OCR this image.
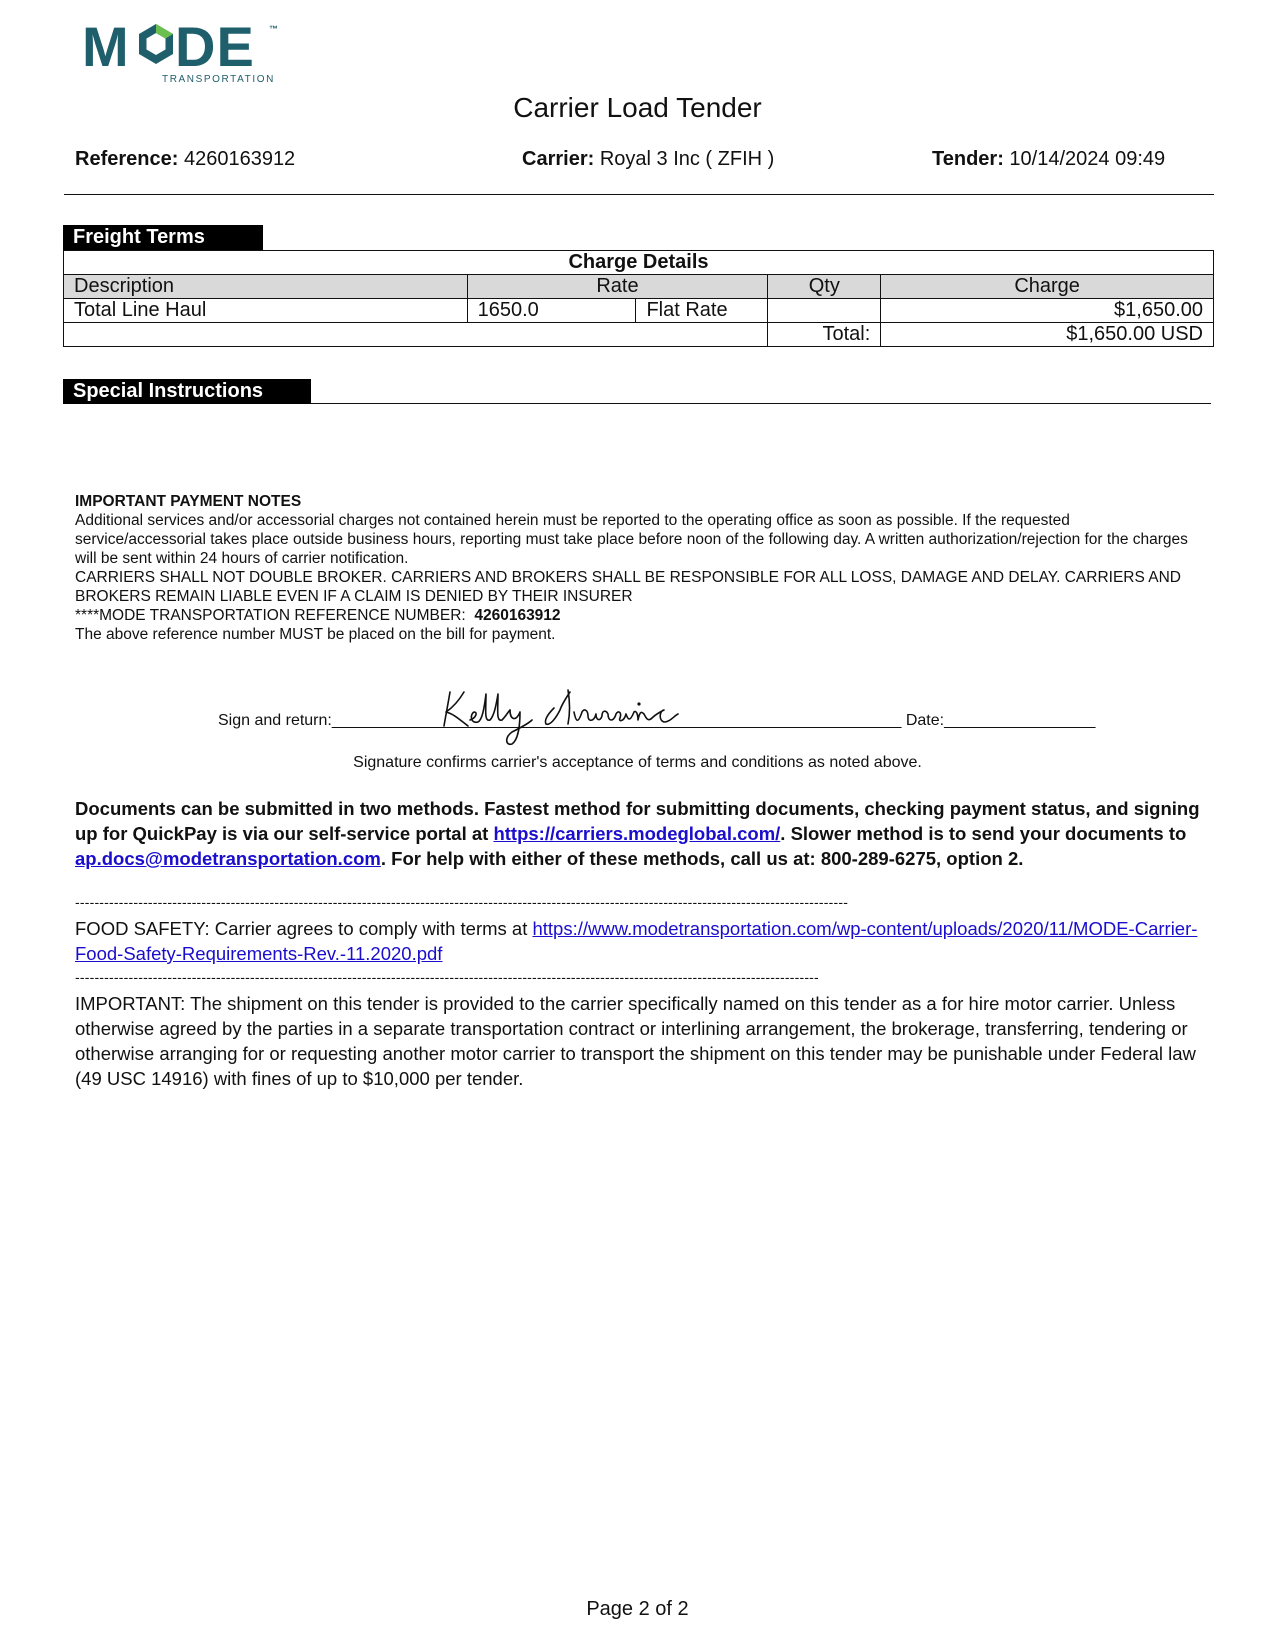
M DE ™
TRANSPORTATION
Carrier Load Tender
Reference: 4260163912	Carrier: Royal 3 Inc ( ZFIH )	Tender: 10/14/2024 09:49
Freight Terms
Charge Details				
Description	Rate		Qty	Charge
Total Line Haul	1650.0	Flat Rate		$1,650.00
			Total:	$1,650.00 USD
Special Instructions

IMPORTANT PAYMENT NOTES

Additional services and/or accessorial charges not contained herein must be reported to the operating office as soon as possible. If the requested service/accessorial takes place outside business hours, reporting must take place before noon of the following day. A written authorization/rejection for the charges will be sent within 24 hours of carrier notification.

CARRIERS SHALL NOT DOUBLE BROKER. CARRIERS AND BROKERS SHALL BE RESPONSIBLE FOR ALL LOSS, DAMAGE AND DELAY. CARRIERS AND BROKERS REMAIN LIABLE EVEN IF A CLAIM IS DENIED BY THEIR INSURER

****MODE TRANSPORTATION REFERENCE NUMBER: 4260163912

The above reference number MUST be placed on the bill for payment.

Sign and return:________________________________________________________________ Date:_________________
Signature confirms carrier's acceptance of terms and conditions as noted above.
Documents can be submitted in two methods. Fastest method for submitting documents, checking payment status, and signing up for QuickPay is via our self-service portal at https://carriers.modeglobal.com/. Slower method is to send your documents to ap.docs@modetransportation.com. For help with either of these methods, call us at: 800-289-6275, option 2.
---------------------------------------------------------------------------------------------------------------------------------------------------------------
FOOD SAFETY: Carrier agrees to comply with terms at https://www.modetransportation.com/wp-content/uploads/2020/11/MODE-Carrier-Food-Safety-Requirements-Rev.-11.2020.pdf
---------------------------------------------------------------------------------------------------------------------------------------------------------
IMPORTANT: The shipment on this tender is provided to the carrier specifically named on this tender as a for hire motor carrier. Unless otherwise agreed by the parties in a separate transportation contract or interlining arrangement, the brokerage, transferring, tendering or otherwise arranging for or requesting another motor carrier to transport the shipment on this tender may be punishable under Federal law (49 USC 14916) with fines of up to $10,000 per tender.
Page 2 of 2
